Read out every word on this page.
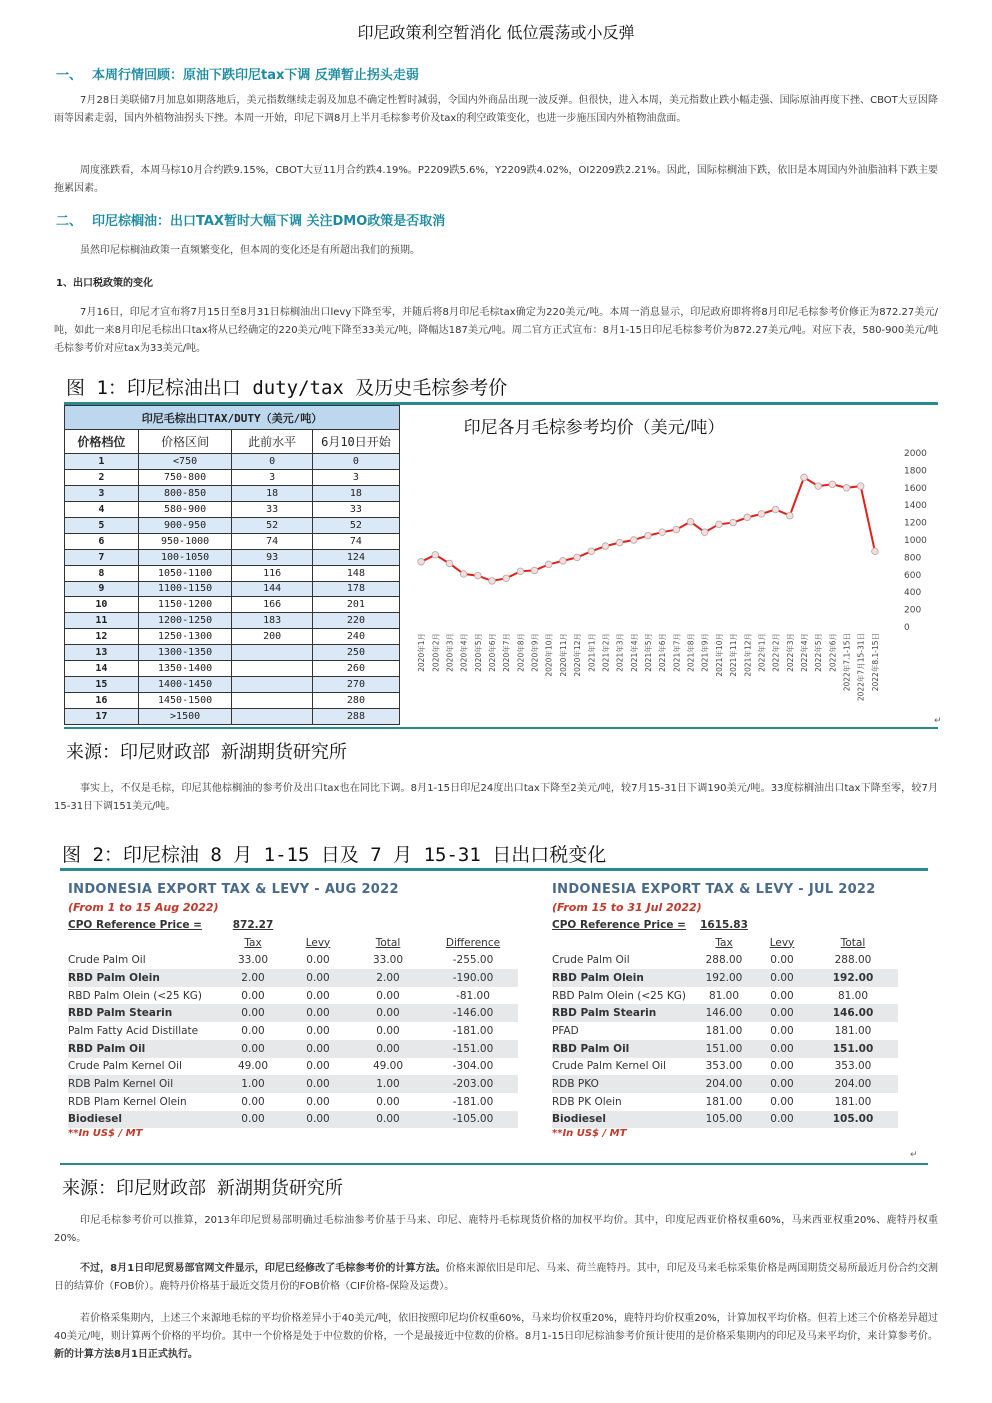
印尼政策利空暂消化 低位震荡或小反弹
一、 本周行情回顾：原油下跌印尼tax下调 反弹暂止拐头走弱
7月28日美联储7月加息如期落地后，美元指数继续走弱及加息不确定性暂时减弱，令国内外商品出现一波反弹。但很快，进入本周，美元指数止跌小幅走强、国际原油再度下挫、CBOT大豆因降雨等因素走弱，国内外植物油拐头下挫。本周一开始，印尼下调8月上半月毛棕参考价及tax的利空政策变化，也进一步施压国内外植物油盘面。
周度涨跌看，本周马棕10月合约跌9.15%，CBOT大豆11月合约跌4.19%。P2209跌5.6%，Y2209跌4.02%，OI2209跌2.21%。因此，国际棕榈油下跌，依旧是本周国内外油脂油料下跌主要拖累因素。
二、 印尼棕榈油：出口TAX暂时大幅下调 关注DMO政策是否取消
虽然印尼棕榈油政策一直频繁变化，但本周的变化还是有所超出我们的预期。
1、出口税政策的变化
7月16日，印尼才宣布将7月15日至8月31日棕榈油出口levy下降至零，并随后将8月印尼毛棕tax确定为220美元/吨。本周一消息显示，印尼政府即将将8月印尼毛棕参考价修正为872.27美元/吨，如此一来8月印尼毛棕出口tax将从已经确定的220美元/吨下降至33美元/吨，降幅达187美元/吨。周二官方正式宣布：8月1-15日印尼毛棕参考价为872.27美元/吨。对应下表，580-900美元/吨毛棕参考价对应tax为33美元/吨。
图 1：印尼棕油出口 duty/tax 及历史毛棕参考价
印尼毛棕出口TAX/DUTY（美元/吨）			
价格档位	价格区间	此前水平	6月10日开始
1	<750	0	0
2	750-800	3	3
3	800-850	18	18
4	580-900	33	33
5	900-950	52	52
6	950-1000	74	74
7	100-1050	93	124
8	1050-1100	116	148
9	1100-1150	144	178
10	1150-1200	166	201
11	1200-1250	183	220
12	1250-1300	200	240
13	1300-1350		250
14	1350-1400		260
15	1400-1450		270
16	1450-1500		280
17	>1500		288
印尼各月毛棕参考均价（美元/吨）
0
200
400
600
800
1000
1200
1400
1600
1800
2000
2020年1月 2020年2月 2020年3月 2020年4月 2020年5月 2020年6月 2020年7月 2020年8月 2020年9月 2020年10月 2020年11月 2020年12月 2021年1月 2021年2月 2021年3月 2021年4月 2021年5月 2021年6月 2021年7月 2021年8月 2021年9月 2021年10月 2021年11月 2021年12月 2022年1月 2022年2月 2022年3月 2022年4月 2022年5月 2022年6月 2022年7.1-15日 2022年7月15-31日 2022年8.1-15日
↵
来源：印尼财政部 新湖期货研究所
事实上，不仅是毛棕，印尼其他棕榈油的参考价及出口tax也在同比下调。8月1-15日印尼24度出口tax下降至2美元/吨，较7月15-31日下调190美元/吨。33度棕榈油出口tax下降至零，较7月15-31日下调151美元/吨。
图 2：印尼棕油 8 月 1-15 日及 7 月 15-31 日出口税变化
INDONESIA EXPORT TAX & LEVY - AUG 2022
(From 1 to 15 Aug 2022)
CPO Reference Price =	872.27			
	Tax	Levy	Total	Difference
Crude Palm Oil	33.00	0.00	33.00	-255.00
RBD Palm Olein	2.00	0.00	2.00	-190.00
RBD Palm Olein (<25 KG)	0.00	0.00	0.00	-81.00
RBD Palm Stearin	0.00	0.00	0.00	-146.00
Palm Fatty Acid Distillate	0.00	0.00	0.00	-181.00
RBD Palm Oil	0.00	0.00	0.00	-151.00
Crude Palm Kernel Oil	49.00	0.00	49.00	-304.00
RDB Palm Kernel Oil	1.00	0.00	1.00	-203.00
RDB Plam Kernel Olein	0.00	0.00	0.00	-181.00
Biodiesel	0.00	0.00	0.00	-105.00
**In US$ / MT
INDONESIA EXPORT TAX & LEVY - JUL 2022
(From 15 to 31 Jul 2022)
CPO Reference Price =	1615.83		
	Tax	Levy	Total
Crude Palm Oil	288.00	0.00	288.00
RBD Palm Olein	192.00	0.00	192.00
RBD Palm Olein (<25 KG)	81.00	0.00	81.00
RBD Palm Stearin	146.00	0.00	146.00
PFAD	181.00	0.00	181.00
RBD Palm Oil	151.00	0.00	151.00
Crude Palm Kernel Oil	353.00	0.00	353.00
RDB PKO	204.00	0.00	204.00
RDB PK Olein	181.00	0.00	181.00
Biodiesel	105.00	0.00	105.00
**In US$ / MT
↵
来源：印尼财政部 新湖期货研究所
印尼毛棕参考价可以推算，2013年印尼贸易部明确过毛棕油参考价基于马来、印尼、鹿特丹毛棕现货价格的加权平均价。其中，印度尼西亚价格权重60%，马来西亚权重20%、鹿特丹权重20%。
不过，8月1日印尼贸易部官网文件显示，印尼已经修改了毛棕参考价的计算方法。价格来源依旧是印尼、马来、荷兰鹿特丹。其中，印尼及马来毛棕采集价格是两国期货交易所最近月份合约交割日的结算价（FOB价）。鹿特丹价格基于最近交货月份的FOB价格（CIF价格-保险及运费）。
若价格采集期内，上述三个来源地毛棕的平均价格差异小于40美元/吨，依旧按照印尼均价权重60%，马来均价权重20%，鹿特丹均价权重20%，计算加权平均价格。但若上述三个价格差异超过40美元/吨，则计算两个价格的平均价。其中一个价格是处于中位数的价格，一个是最接近中位数的价格。8月1-15日印尼棕油参考价预计使用的是价格采集期内的印尼及马来平均价，来计算参考价。新的计算方法8月1日正式执行。
